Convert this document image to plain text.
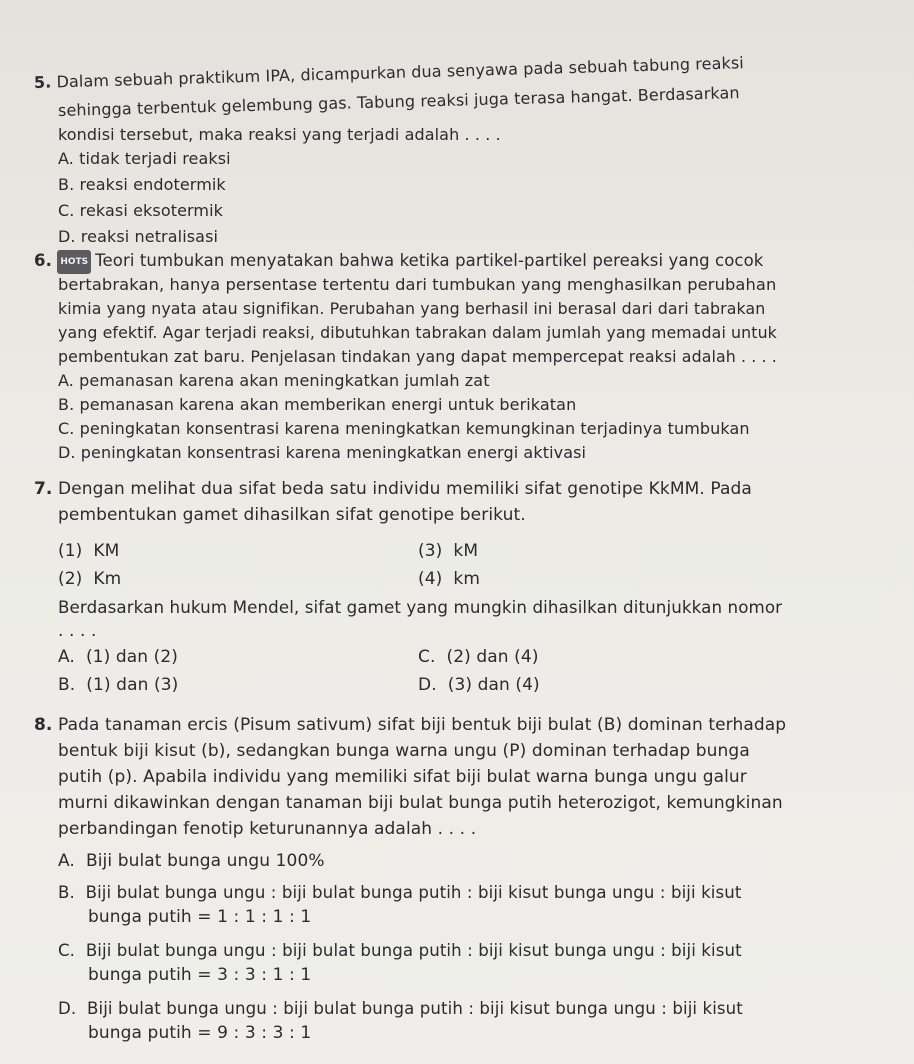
5. Dalam sebuah praktikum IPA, dicampurkan dua senyawa pada sebuah tabung reaksi
sehingga terbentuk gelembung gas. Tabung reaksi juga terasa hangat. Berdasarkan
kondisi tersebut, maka reaksi yang terjadi adalah . . . .
A. tidak terjadi reaksi
B. reaksi endotermik
C. rekasi eksotermik
D. reaksi netralisasi
6. HOTS Teori tumbukan menyatakan bahwa ketika partikel-partikel pereaksi yang cocok
bertabrakan, hanya persentase tertentu dari tumbukan yang menghasilkan perubahan
kimia yang nyata atau signifikan. Perubahan yang berhasil ini berasal dari dari tabrakan
yang efektif. Agar terjadi reaksi, dibutuhkan tabrakan dalam jumlah yang memadai untuk
pembentukan zat baru. Penjelasan tindakan yang dapat mempercepat reaksi adalah . . . .
A. pemanasan karena akan meningkatkan jumlah zat
B. pemanasan karena akan memberikan energi untuk berikatan
C. peningkatan konsentrasi karena meningkatkan kemungkinan terjadinya tumbukan
D. peningkatan konsentrasi karena meningkatkan energi aktivasi
7. Dengan melihat dua sifat beda satu individu memiliki sifat genotipe KkMM. Pada
pembentukan gamet dihasilkan sifat genotipe berikut.
(1) KM
(2) Km
(3) kM
(4) km
Berdasarkan hukum Mendel, sifat gamet yang mungkin dihasilkan ditunjukkan nomor
. . . .
A. (1) dan (2)
B. (1) dan (3)
C. (2) dan (4)
D. (3) dan (4)
8. Pada tanaman ercis (Pisum sativum) sifat biji bentuk biji bulat (B) dominan terhadap
bentuk biji kisut (b), sedangkan bunga warna ungu (P) dominan terhadap bunga
putih (p). Apabila individu yang memiliki sifat biji bulat warna bunga ungu galur
murni dikawinkan dengan tanaman biji bulat bunga putih heterozigot, kemungkinan
perbandingan fenotip keturunannya adalah . . . .
A. Biji bulat bunga ungu 100%
B. Biji bulat bunga ungu : biji bulat bunga putih : biji kisut bunga ungu : biji kisut
bunga putih = 1 : 1 : 1 : 1
C. Biji bulat bunga ungu : biji bulat bunga putih : biji kisut bunga ungu : biji kisut
bunga putih = 3 : 3 : 1 : 1
D. Biji bulat bunga ungu : biji bulat bunga putih : biji kisut bunga ungu : biji kisut
bunga putih = 9 : 3 : 3 : 1
